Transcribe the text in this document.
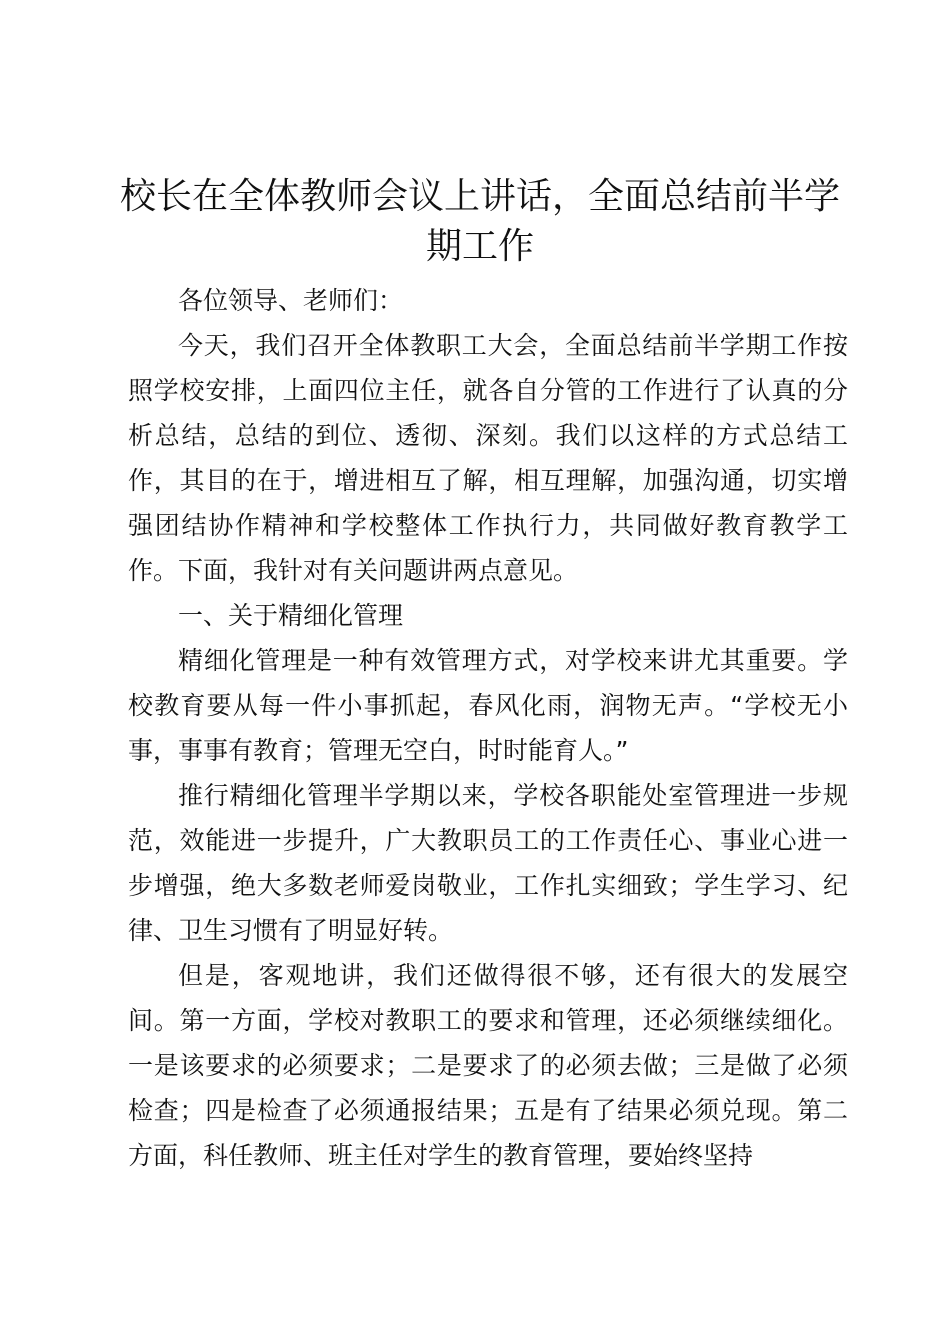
校长在全体教师会议上讲话，全面总结前半学期工作

各位领导、老师们：

今天，我们召开全体教职工大会，全面总结前半学期工作按照学校安排，上面四位主任，就各自分管的工作进行了认真的分析总结，总结的到位、透彻、深刻。我们以这样的方式总结工作，其目的在于，增进相互了解，相互理解，加强沟通，切实增强团结协作精神和学校整体工作执行力，共同做好教育教学工作。下面，我针对有关问题讲两点意见。

一、关于精细化管理

精细化管理是一种有效管理方式，对学校来讲尤其重要。学校教育要从每一件小事抓起，春风化雨，润物无声。“学校无小事，事事有教育；管理无空白，时时能育人。”

推行精细化管理半学期以来，学校各职能处室管理进一步规范，效能进一步提升，广大教职员工的工作责任心、事业心进一步增强，绝大多数老师爱岗敬业，工作扎实细致；学生学习、纪律、卫生习惯有了明显好转。

但是，客观地讲，我们还做得很不够，还有很大的发展空间。第一方面，学校对教职工的要求和管理，还必须继续细化。一是该要求的必须要求；二是要求了的必须去做；三是做了必须检查；四是检查了必须通报结果；五是有了结果必须兑现。第二方面，科任教师、班主任对学生的教育管理，要始终坚持
